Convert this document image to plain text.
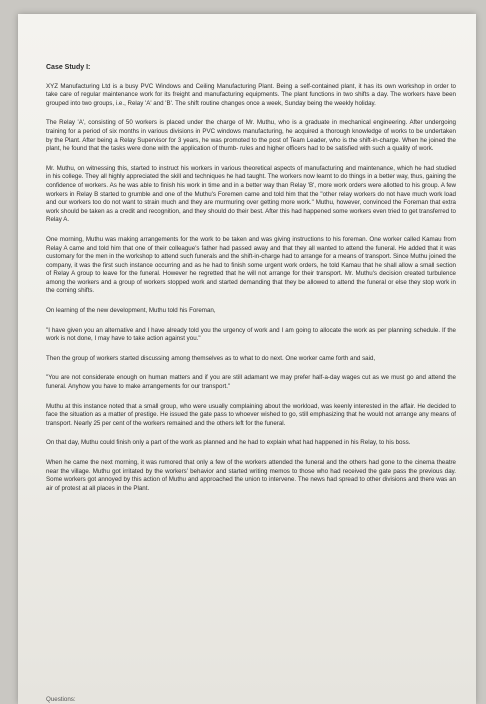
Case Study I:

XYZ Manufacturing Ltd is a busy PVC Windows and Ceiling Manufacturing Plant. Being a self-contained plant, it has its own workshop in order to take care of regular maintenance work for its freight and manufacturing equipments. The plant functions in two shifts a day. The workers have been grouped into two groups, i.e., Relay 'A' and 'B'. The shift routine changes once a week, Sunday being the weekly holiday.

The Relay 'A', consisting of 50 workers is placed under the charge of Mr. Muthu, who is a graduate in mechanical engineering. After undergoing training for a period of six months in various divisions in PVC windows manufacturing, he acquired a thorough knowledge of works to be undertaken by the Plant. After being a Relay Supervisor for 3 years, he was promoted to the post of Team Leader, who is the shift-in-charge. When he joined the plant, he found that the tasks were done with the application of thumb- rules and higher officers had to be satisfied with such a quality of work.

Mr. Muthu, on witnessing this, started to instruct his workers in various theoretical aspects of manufacturing and maintenance, which he had studied in his college. They all highly appreciated the skill and techniques he had taught. The workers now learnt to do things in a better way, thus, gaining the confidence of workers. As he was able to finish his work in time and in a better way than Relay 'B', more work orders were allotted to his group. A few workers in Relay B started to grumble and one of the Muthu's Foremen came and told him that the "other relay workers do not have much work load and our workers too do not want to strain much and they are murmuring over getting more work." Muthu, however, convinced the Foreman that extra work should be taken as a credit and recognition, and they should do their best. After this had happened some workers even tried to get transferred to Relay A.

One morning, Muthu was making arrangements for the work to be taken and was giving instructions to his foreman. One worker called Kamau from Relay A came and told him that one of their colleague's father had passed away and that they all wanted to attend the funeral. He added that it was customary for the men in the workshop to attend such funerals and the shift-in-charge had to arrange for a means of transport. Since Muthu joined the company, it was the first such instance occurring and as he had to finish some urgent work orders, he told Kamau that he shall allow a small section of Relay A group to leave for the funeral. However he regretted that he will not arrange for their transport. Mr. Muthu's decision created turbulence among the workers and a group of workers stopped work and started demanding that they be allowed to attend the funeral or else they stop work in the coming shifts.

On learning of the new development, Muthu told his Foreman,

"I have given you an alternative and I have already told you the urgency of work and I am going to allocate the work as per planning schedule. If the work is not done, I may have to take action against you."

Then the group of workers started discussing among themselves as to what to do next. One worker came forth and said,

"You are not considerate enough on human matters and if you are still adamant we may prefer half-a-day wages cut as we must go and attend the funeral. Anyhow you have to make arrangements for our transport."

Muthu at this instance noted that a small group, who were usually complaining about the workload, was keenly interested in the affair. He decided to face the situation as a matter of prestige. He issued the gate pass to whoever wished to go, still emphasizing that he would not arrange any means of transport. Nearly 25 per cent of the workers remained and the others left for the funeral.

On that day, Muthu could finish only a part of the work as planned and he had to explain what had happened in his Relay, to his boss.

When he came the next morning, it was rumored that only a few of the workers attended the funeral and the others had gone to the cinema theatre near the village. Muthu got irritated by the workers' behavior and started writing memos to those who had received the gate pass the previous day. Some workers got annoyed by this action of Muthu and approached the union to intervene. The news had spread to other divisions and there was an air of protest at all places in the Plant.

Questions:
